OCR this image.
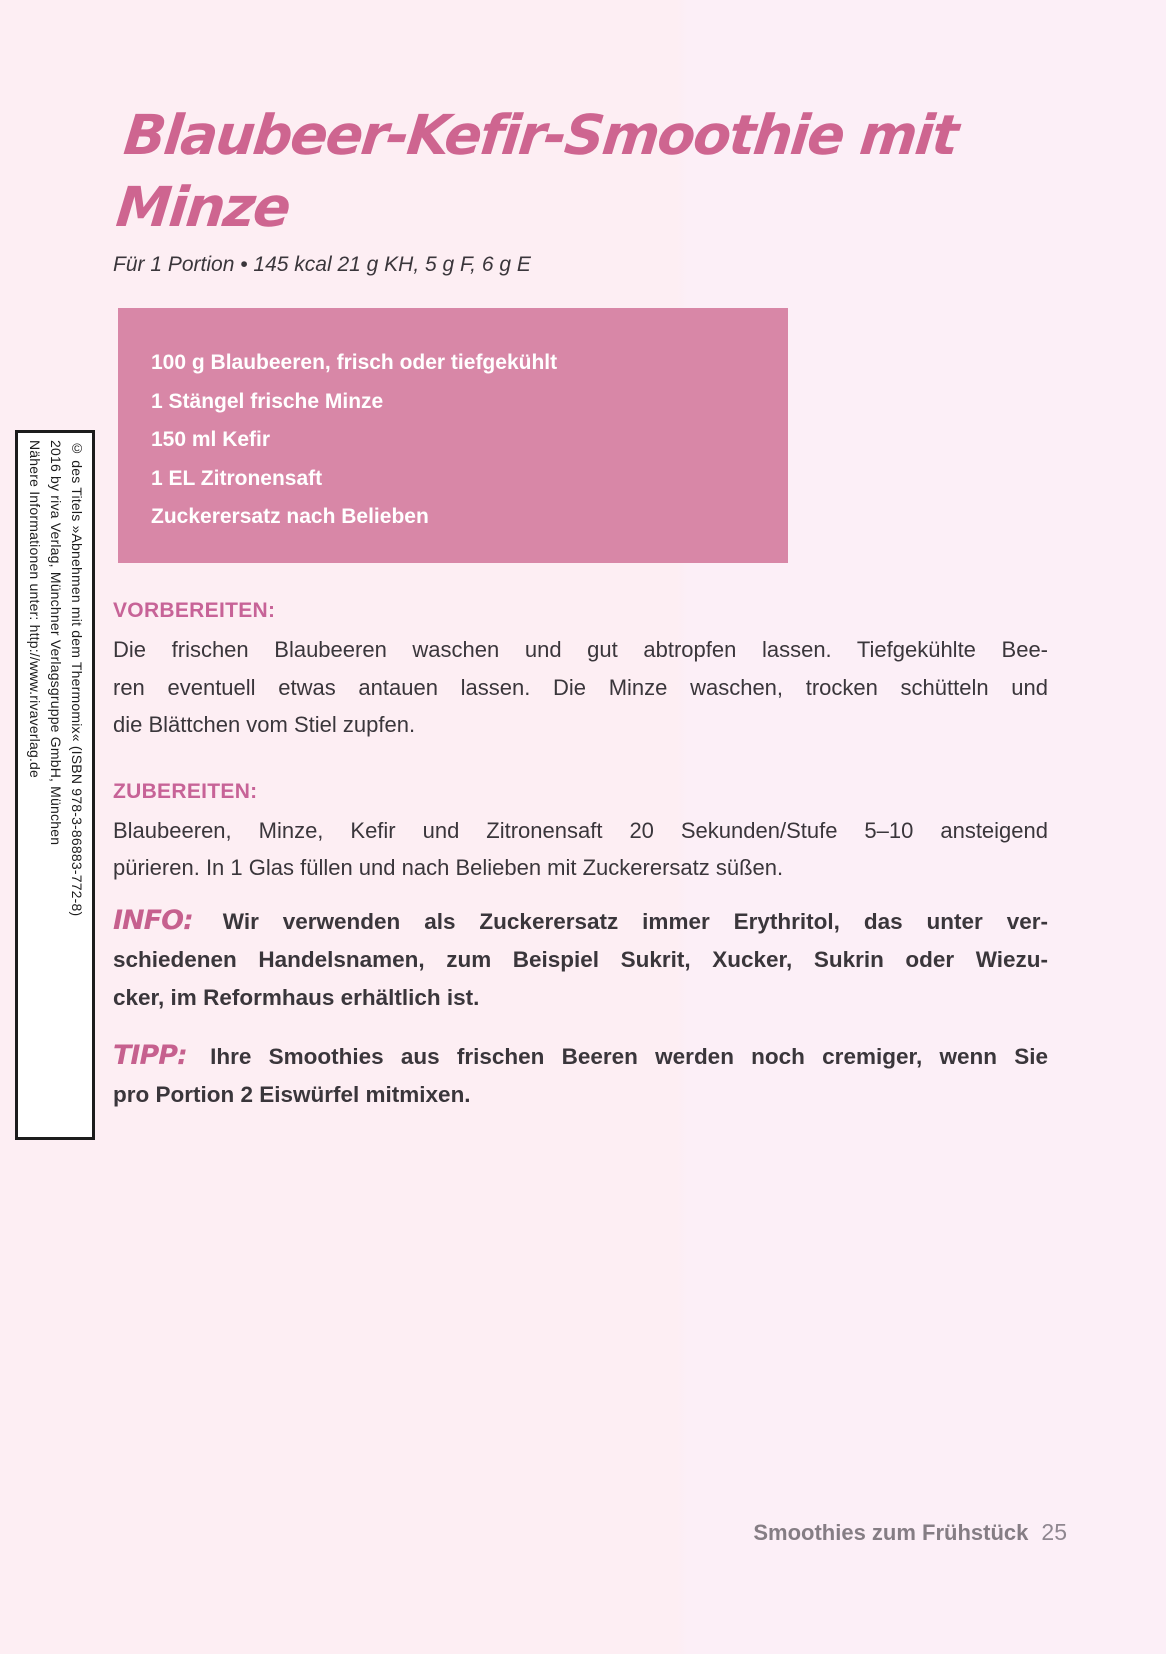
© des Titels »Abnehmen mit dem Thermomix« (ISBN 978-3-86883-772-8)
2016 by riva Verlag, Münchner Verlagsgruppe GmbH, München
Nähere Informationen unter: http://www.rivaverlag.de
Blaubeer-Kefir-Smoothie mit Minze

Für 1 Portion • 145 kcal 21 g KH, 5 g F, 6 g E

100 g Blaubeeren, frisch oder tiefgekühlt
1 Stängel frische Minze
150 ml Kefir
1 EL Zitronensaft
Zuckerersatz nach Belieben
VORBEREITEN:
Die frischen Blaubeeren waschen und gut abtropfen lassen. Tiefgekühlte Bee-
ren eventuell etwas antauen lassen. Die Minze waschen, trocken schütteln und
die Blättchen vom Stiel zupfen.
ZUBEREITEN:
Blaubeeren, Minze, Kefir und Zitronensaft 20 Sekunden/Stufe 5–10 ansteigend
pürieren. In 1 Glas füllen und nach Belieben mit Zuckerersatz süßen.
INFO: Wir verwenden als Zuckerersatz immer Erythritol, das unter ver-
schiedenen Handelsnamen, zum Beispiel Sukrit, Xucker, Sukrin oder Wiezu-
cker, im Reformhaus erhältlich ist.
TIPP: Ihre Smoothies aus frischen Beeren werden noch cremiger, wenn Sie
pro Portion 2 Eiswürfel mitmixen.
Smoothies zum Frühstück 25
